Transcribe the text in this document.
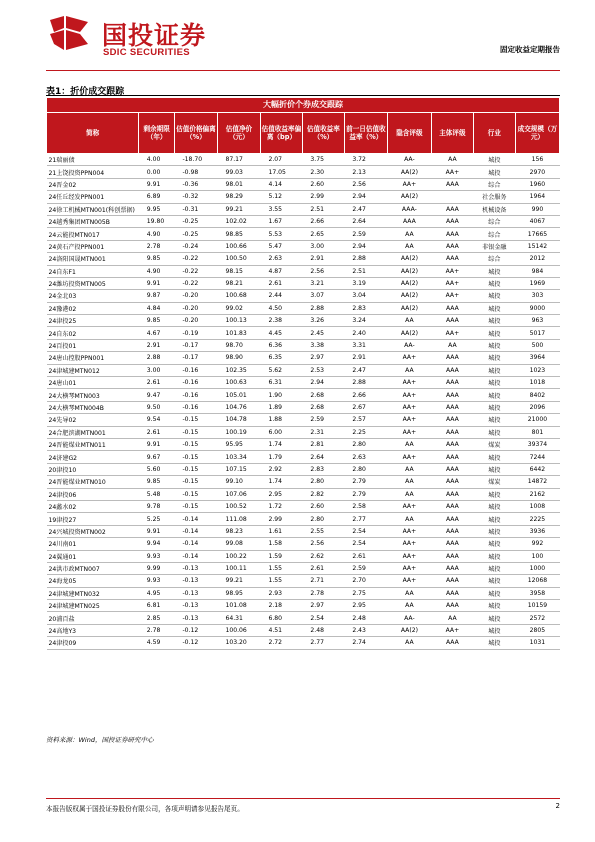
国投证券
SDIC SECURITIES	固定收益定期报告
表1：折价成交跟踪
大幅折价个券成交跟踪										
简称	剩余期限（年）	估值价格偏离（%）	估值净价（元）	估值收益率偏离（bp）	估值收益率（%）	前一日估值收益率（%）	隐含评级	主体评级	行业	成交规模（万元）
21瑞丽债	4.00	-18.70	87.17	2.07	3.75	3.72	AA-	AA	城投	156
21上饶投资PPN004	0.00	-0.98	99.03	17.05	2.30	2.13	AA(2)	AA+	城投	2970
24晋金02	9.91	-0.36	98.01	4.14	2.60	2.56	AA+	AAA	综合	1960
24任丘经发PPN001	6.89	-0.32	98.29	5.12	2.99	2.94	AA(2)		社会服务	1964
24徐工机械MTN001(科创票据)	9.95	-0.31	99.21	3.55	2.51	2.47	AAA-	AAA	机械设备	990
24越秀集团MTN005B	19.80	-0.25	102.02	1.67	2.66	2.64	AAA	AAA	综合	4067
24云能投MTN017	4.90	-0.25	98.85	5.53	2.65	2.59	AA	AAA	综合	17665
24黄石产投PPN001	2.78	-0.24	100.66	5.47	3.00	2.94	AA	AAA	非银金融	15142
24洛阳国晟MTN001	9.85	-0.22	100.50	2.63	2.91	2.88	AA(2)	AAA	综合	2012
24自东F1	4.90	-0.22	98.15	4.87	2.56	2.51	AA(2)	AA+	城投	984
24潍坊投资MTN005	9.91	-0.22	98.21	2.61	3.21	3.19	AA(2)	AA+	城投	1969
24金北03	9.87	-0.20	100.68	2.44	3.07	3.04	AA(2)	AA+	城投	303
24豫港02	4.84	-0.20	99.02	4.50	2.88	2.83	AA(2)	AAA	城投	9000
24津投25	9.85	-0.20	100.13	2.38	3.26	3.24	AA	AAA	城投	963
24自东02	4.67	-0.19	101.83	4.45	2.45	2.40	AA(2)	AA+	城投	5017
24百投01	2.91	-0.17	98.70	6.36	3.38	3.31	AA-	AA	城投	500
24唐山控股PPN001	2.88	-0.17	98.90	6.35	2.97	2.91	AA+	AAA	城投	3964
24津城建MTN012	3.00	-0.16	102.35	5.62	2.53	2.47	AA	AAA	城投	1023
24唐山01	2.61	-0.16	100.63	6.31	2.94	2.88	AA+	AAA	城投	1018
24大横琴MTN003	9.47	-0.16	105.01	1.90	2.68	2.66	AA+	AAA	城投	8402
24大横琴MTN004B	9.50	-0.16	104.76	1.89	2.68	2.67	AA+	AAA	城投	2096
24先导02	9.54	-0.15	104.78	1.88	2.59	2.57	AA+	AAA	城投	21000
24合肥滨湖MTN001	2.61	-0.15	100.19	6.00	2.31	2.25	AA+	AAA	城投	801
24晋能煤业MTN011	9.91	-0.15	95.95	1.74	2.81	2.80	AA	AAA	煤炭	39374
24济建G2	9.67	-0.15	103.34	1.79	2.64	2.63	AA+	AAA	城投	7244
20津投10	5.60	-0.15	107.15	2.92	2.83	2.80	AA	AAA	城投	6442
24晋能煤业MTN010	9.85	-0.15	99.10	1.74	2.80	2.79	AA	AAA	煤炭	14872
24津投06	5.48	-0.15	107.06	2.95	2.82	2.79	AA	AAA	城投	2162
24蠡水02	9.78	-0.15	100.52	1.72	2.60	2.58	AA+	AAA	城投	1008
19津投27	5.25	-0.14	111.08	2.99	2.80	2.77	AA	AAA	城投	2225
24兴城投资MTN002	9.91	-0.14	98.23	1.61	2.55	2.54	AA+	AAA	城投	3936
24川南01	9.94	-0.14	99.08	1.58	2.56	2.54	AA+	AAA	城投	992
24翼通01	9.93	-0.14	100.22	1.59	2.62	2.61	AA+	AAA	城投	100
24洪市政MTN007	9.99	-0.13	100.11	1.55	2.61	2.59	AA+	AAA	城投	1000
24海龙05	9.93	-0.13	99.21	1.55	2.71	2.70	AA+	AAA	城投	12068
24津城建MTN032	4.95	-0.13	98.95	2.93	2.78	2.75	AA	AAA	城投	3958
24津城建MTN025	6.81	-0.13	101.08	2.18	2.97	2.95	AA	AAA	城投	10159
20浦百盐	2.85	-0.13	64.31	6.80	2.54	2.48	AA-	AA	城投	2572
24高地Y3	2.78	-0.12	100.06	4.51	2.48	2.43	AA(2)	AA+	城投	2805
24津投09	4.59	-0.12	103.20	2.72	2.77	2.74	AA	AAA	城投	1031
资料来源：Wind，国投证券研究中心
本报告版权属于国投证券股份有限公司，各项声明请参见报告尾页。	2
